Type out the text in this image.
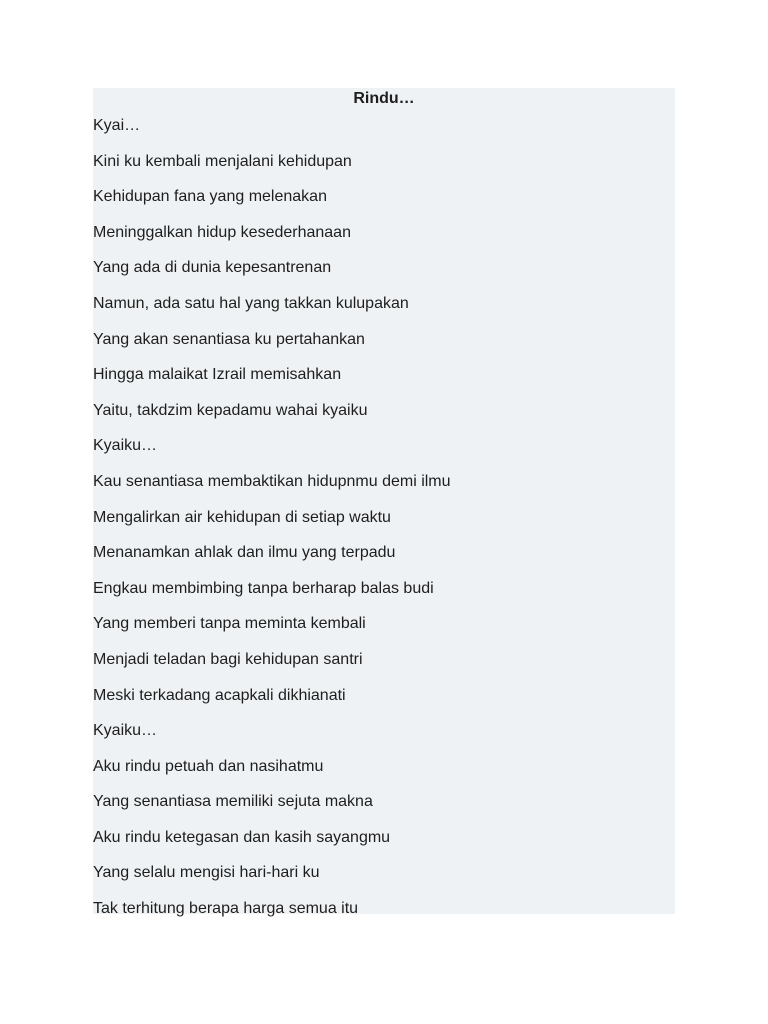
Rindu…
Kyai…
Kini ku kembali menjalani kehidupan
Kehidupan fana yang melenakan
Meninggalkan hidup kesederhanaan
Yang ada di dunia kepesantrenan
Namun, ada satu hal yang takkan kulupakan
Yang akan senantiasa ku pertahankan
Hingga malaikat Izrail memisahkan
Yaitu, takdzim kepadamu wahai kyaiku
Kyaiku…
Kau senantiasa membaktikan hidupnmu demi ilmu
Mengalirkan air kehidupan di setiap waktu
Menanamkan ahlak dan ilmu yang terpadu
Engkau membimbing tanpa berharap balas budi
Yang memberi tanpa meminta kembali
Menjadi teladan bagi kehidupan santri
Meski terkadang acapkali dikhianati
Kyaiku…
Aku rindu petuah dan nasihatmu
Yang senantiasa memiliki sejuta makna
Aku rindu ketegasan dan kasih sayangmu
Yang selalu mengisi hari-hari ku
Tak terhitung berapa harga semua itu
